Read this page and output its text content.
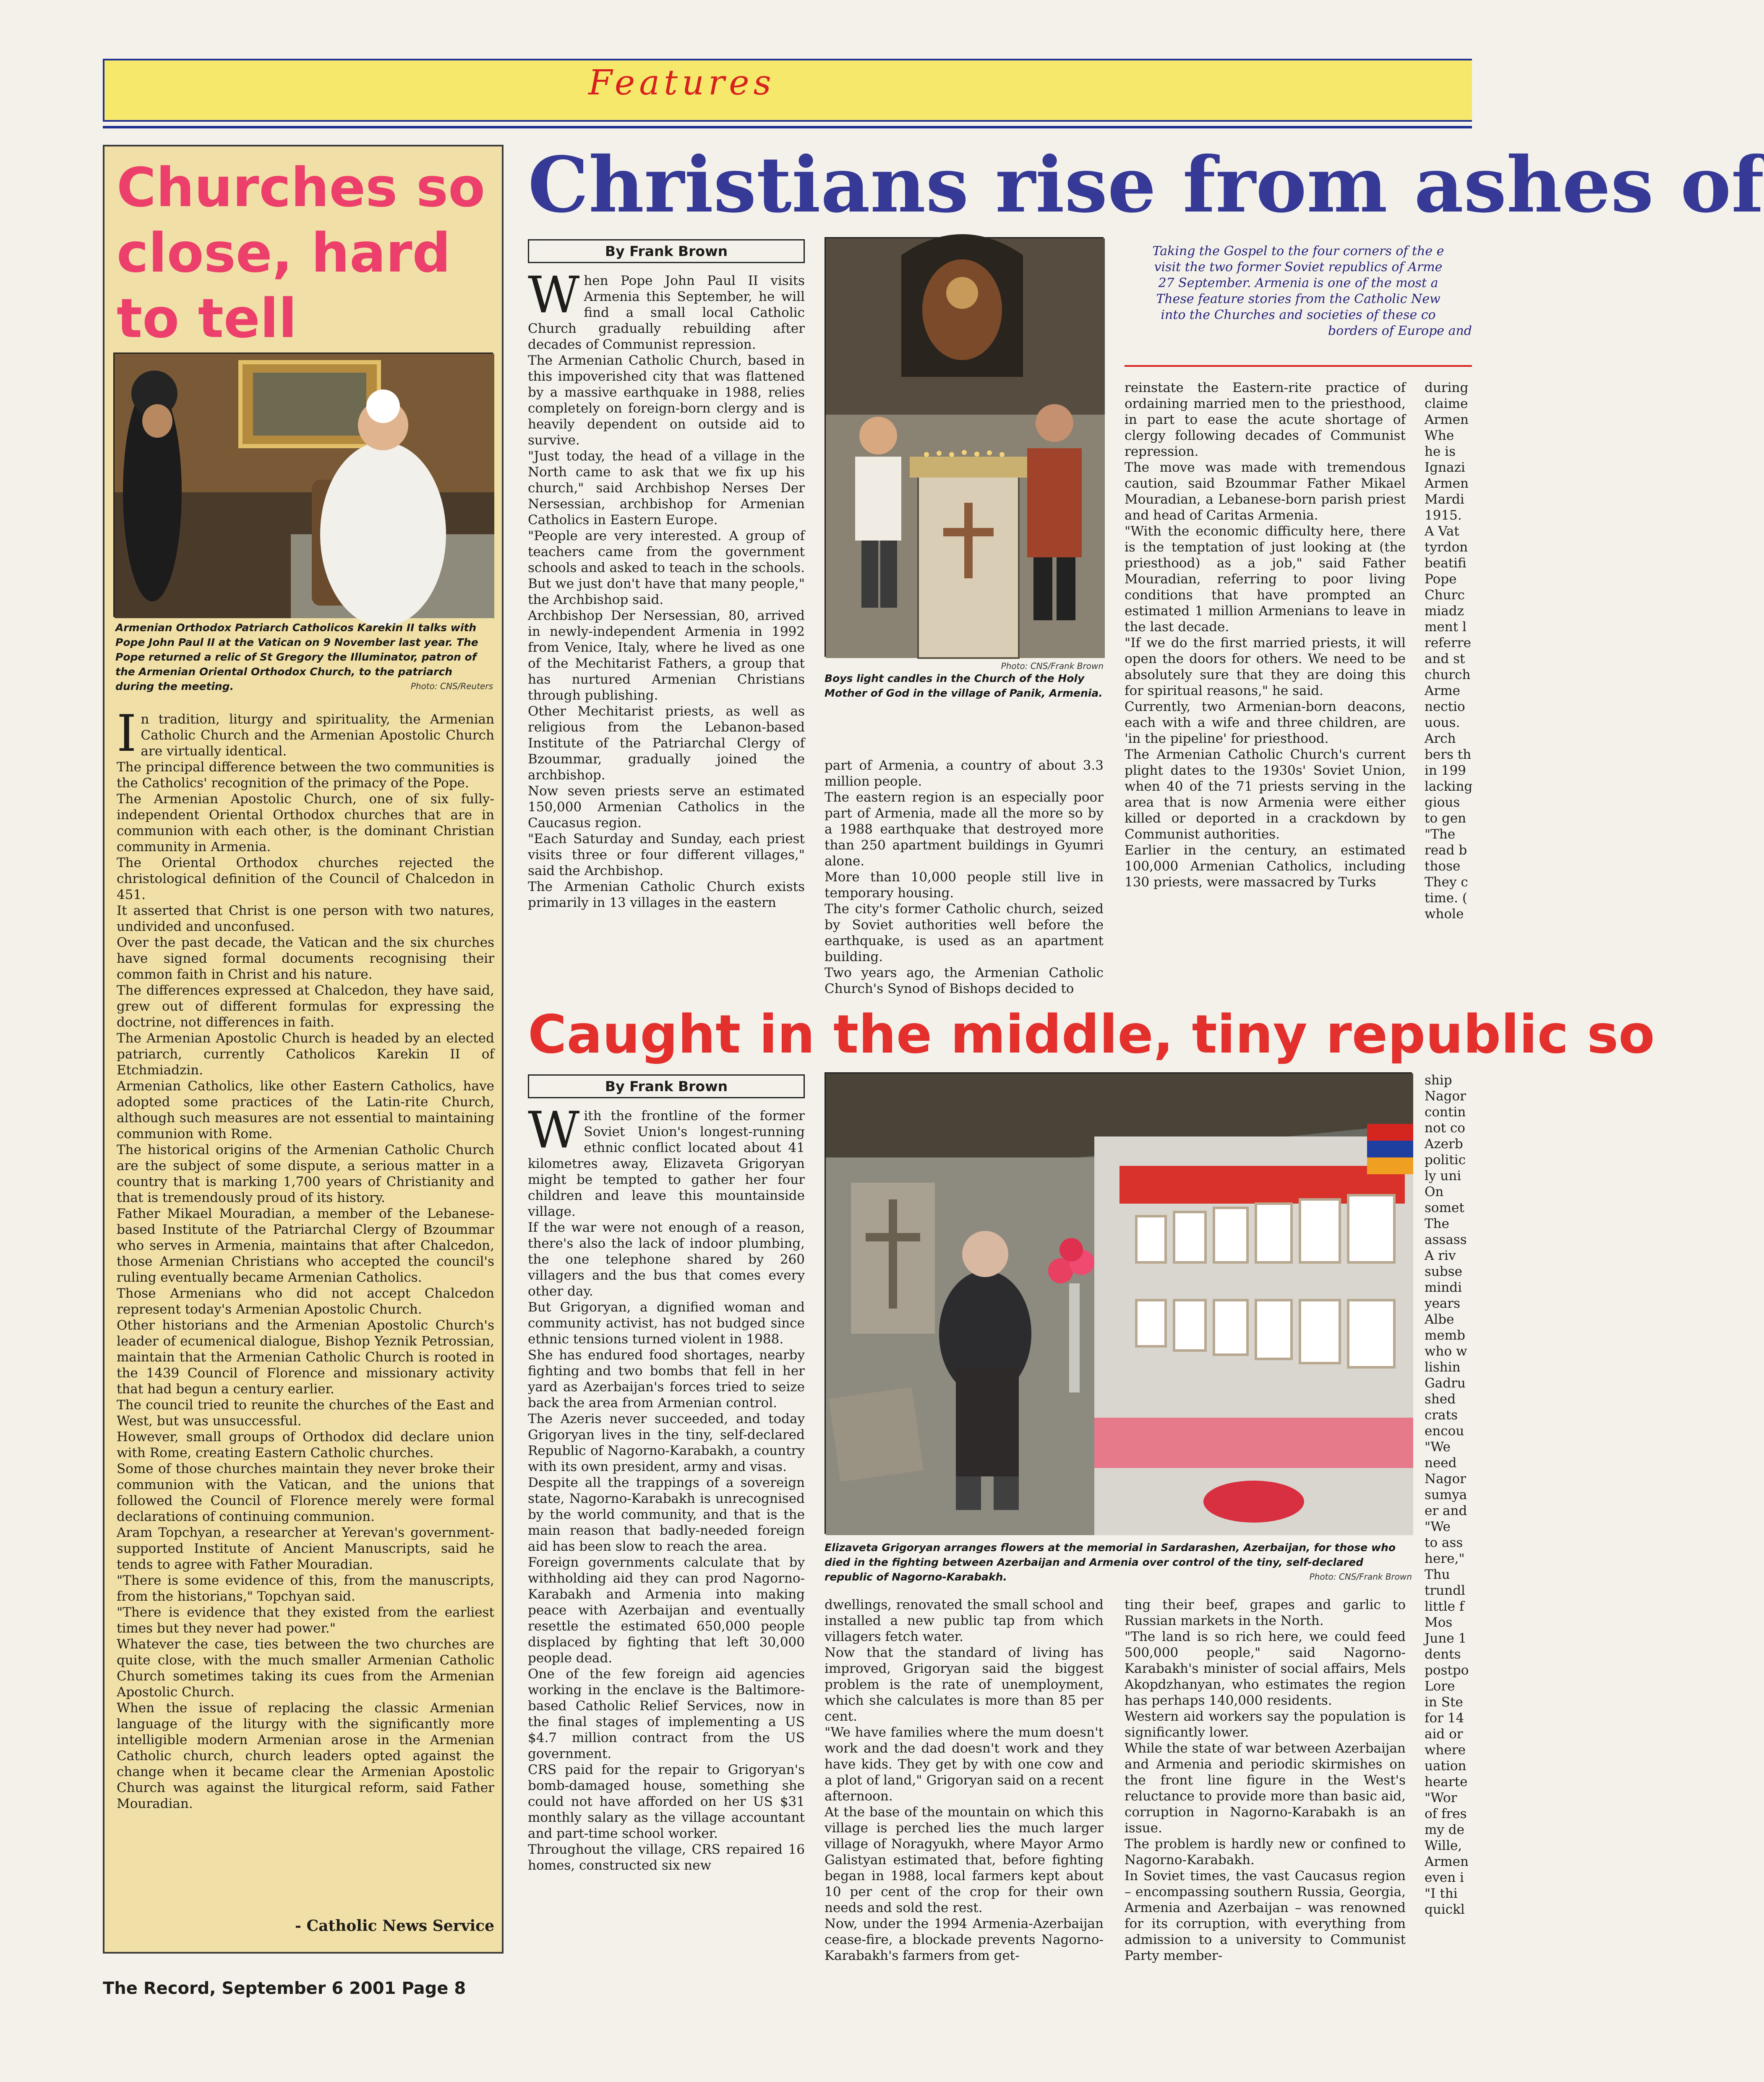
Features
Churches so close, hard to tell

Armenian Orthodox Patriarch Catholicos Karekin II talks with Pope John Paul II at the Vatican on 9 November last year. The Pope returned a relic of St Gregory the Illuminator, patron of the Armenian Oriental Orthodox Church, to the patriarch during the meeting.	Photo: CNS/Reuters

I n tradition, liturgy and spirituality, the Armenian Catholic Church and the Armenian Apostolic Church are virtually identical.

The principal difference between the two communities is the Catholics' recognition of the primacy of the Pope.

The Armenian Apostolic Church, one of six fully-independent Oriental Orthodox churches that are in communion with each other, is the dominant Christian community in Armenia.

The Oriental Orthodox churches rejected the christological definition of the Council of Chalcedon in 451.

It asserted that Christ is one person with two natures, undivided and unconfused.

Over the past decade, the Vatican and the six churches have signed formal documents recognising their common faith in Christ and his nature.

The differences expressed at Chalcedon, they have said, grew out of different formulas for expressing the doctrine, not differences in faith.

The Armenian Apostolic Church is headed by an elected patriarch, currently Catholicos Karekin II of Etchmiadzin.

Armenian Catholics, like other Eastern Catholics, have adopted some practices of the Latin-rite Church, although such measures are not essential to maintaining communion with Rome.

The historical origins of the Armenian Catholic Church are the subject of some dispute, a serious matter in a country that is marking 1,700 years of Christianity and that is tremendously proud of its history.

Father Mikael Mouradian, a member of the Lebanese-based Institute of the Patriarchal Clergy of Bzoummar who serves in Armenia, maintains that after Chalcedon, those Armenian Christians who accepted the council's ruling eventually became Armenian Catholics.

Those Armenians who did not accept Chalcedon represent today's Armenian Apostolic Church.

Other historians and the Armenian Apostolic Church's leader of ecumenical dialogue, Bishop Yeznik Petrossian, maintain that the Armenian Catholic Church is rooted in the 1439 Council of Florence and missionary activity that had begun a century earlier.

The council tried to reunite the churches of the East and West, but was unsuccessful.

However, small groups of Orthodox did declare union with Rome, creating Eastern Catholic churches.

Some of those churches maintain they never broke their communion with the Vatican, and the unions that followed the Council of Florence merely were formal declarations of continuing communion.

Aram Topchyan, a researcher at Yerevan's government-supported Institute of Ancient Manuscripts, said he tends to agree with Father Mouradian.

"There is some evidence of this, from the manuscripts, from the historians," Topchyan said.

"There is evidence that they existed from the earliest times but they never had power."

Whatever the case, ties between the two churches are quite close, with the much smaller Armenian Catholic Church sometimes taking its cues from the Armenian Apostolic Church.

When the issue of replacing the classic Armenian language of the liturgy with the significantly more intelligible modern Armenian arose in the Armenian Catholic church, church leaders opted against the change when it became clear the Armenian Apostolic Church was against the liturgical reform, said Father Mouradian.

- Catholic News Service
Christians rise from ashes of
By Frank Brown
W hen Pope John Paul II visits Armenia this September, he will find a small local Catholic Church gradually rebuilding after decades of Communist repression.

The Armenian Catholic Church, based in this impoverished city that was flattened by a massive earthquake in 1988, relies completely on foreign-born clergy and is heavily dependent on outside aid to survive.

"Just today, the head of a village in the North came to ask that we fix up his church," said Archbishop Nerses Der Nersessian, archbishop for Armenian Catholics in Eastern Europe.

"People are very interested. A group of teachers came from the government schools and asked to teach in the schools. But we just don't have that many people," the Archbishop said.

Archbishop Der Nersessian, 80, arrived in newly-independent Armenia in 1992 from Venice, Italy, where he lived as one of the Mechitarist Fathers, a group that has nurtured Armenian Christians through publishing.

Other Mechitarist priests, as well as religious from the Lebanon-based Institute of the Patriarchal Clergy of Bzoummar, gradually joined the archbishop.

Now seven priests serve an estimated 150,000 Armenian Catholics in the Caucasus region.

"Each Saturday and Sunday, each priest visits three or four different villages," said the Archbishop.

The Armenian Catholic Church exists primarily in 13 villages in the eastern

Photo: CNS/Frank Brown

Boys light candles in the Church of the Holy Mother of God in the village of Panik, Armenia.

part of Armenia, a country of about 3.3 million people.

The eastern region is an especially poor part of Armenia, made all the more so by a 1988 earthquake that destroyed more than 250 apartment buildings in Gyumri alone.

More than 10,000 people still live in temporary housing.

The city's former Catholic church, seized by Soviet authorities well before the earthquake, is used as an apartment building.

Two years ago, the Armenian Catholic Church's Synod of Bishops decided to

Taking the Gospel to the four corners of the e
visit the two former Soviet republics of Arme
27 September. Armenia is one of the most a
These feature stories from the Catholic New
into the Churches and societies of these co
borders of Europe and

reinstate the Eastern-rite practice of ordaining married men to the priesthood, in part to ease the acute shortage of clergy following decades of Communist repression.

The move was made with tremendous caution, said Bzoummar Father Mikael Mouradian, a Lebanese-born parish priest and head of Caritas Armenia.

"With the economic difficulty here, there is the temptation of just looking at (the priesthood) as a job," said Father Mouradian, referring to poor living conditions that have prompted an estimated 1 million Armenians to leave in the last decade.

"If we do the first married priests, it will open the doors for others. We need to be absolutely sure that they are doing this for spiritual reasons," he said.

Currently, two Armenian-born deacons, each with a wife and three children, are 'in the pipeline' for priesthood.

The Armenian Catholic Church's current plight dates to the 1930s' Soviet Union, when 40 of the 71 priests serving in the area that is now Armenia were either killed or deported in a crackdown by Communist authorities.

Earlier in the century, an estimated 100,000 Armenian Catholics, including 130 priests, were massacred by Turks

during
claime
Armen
Whe
he is
Ignazi
Armen
Mardi
1915.
A Vat
tyrdon
beatifi
Pope
Churc
miadz
ment l
referre
and st
church
Arme
nectio
uous.
Arch
bers th
in 199
lacking
gious
to gen
"The
read b
those
They c
time. (
whole
Caught in the middle, tiny republic so
By Frank Brown
W ith the frontline of the former Soviet Union's longest-running ethnic conflict located about 41 kilometres away, Elizaveta Grigoryan might be tempted to gather her four children and leave this mountainside village.

If the war were not enough of a reason, there's also the lack of indoor plumbing, the one telephone shared by 260 villagers and the bus that comes every other day.

But Grigoryan, a dignified woman and community activist, has not budged since ethnic tensions turned violent in 1988.

She has endured food shortages, nearby fighting and two bombs that fell in her yard as Azerbaijan's forces tried to seize back the area from Armenian control.

The Azeris never succeeded, and today Grigoryan lives in the tiny, self-declared Republic of Nagorno-Karabakh, a country with its own president, army and visas.

Despite all the trappings of a sovereign state, Nagorno-Karabakh is unrecognised by the world community, and that is the main reason that badly-needed foreign aid has been slow to reach the area.

Foreign governments calculate that by withholding aid they can prod Nagorno-Karabakh and Armenia into making peace with Azerbaijan and eventually resettle the estimated 650,000 people displaced by fighting that left 30,000 people dead.

One of the few foreign aid agencies working in the enclave is the Baltimore-based Catholic Relief Services, now in the final stages of implementing a US $4.7 million contract from the US government.

CRS paid for the repair to Grigoryan's bomb-damaged house, something she could not have afforded on her US $31 monthly salary as the village accountant and part-time school worker.

Throughout the village, CRS repaired 16 homes, constructed six new

Elizaveta Grigoryan arranges flowers at the memorial in Sardarashen, Azerbaijan, for those who died in the fighting between Azerbaijan and Armenia over control of the tiny, self-declared republic of Nagorno-Karabakh.	Photo: CNS/Frank Brown

dwellings, renovated the small school and installed a new public tap from which villagers fetch water.

Now that the standard of living has improved, Grigoryan said the biggest problem is the rate of unemployment, which she calculates is more than 85 per cent.

"We have families where the mum doesn't work and the dad doesn't work and they have kids. They get by with one cow and a plot of land," Grigoryan said on a recent afternoon.

At the base of the mountain on which this village is perched lies the much larger village of Noragyukh, where Mayor Armo Galistyan estimated that, before fighting began in 1988, local farmers kept about 10 per cent of the crop for their own needs and sold the rest.

Now, under the 1994 Armenia-Azerbaijan cease-fire, a blockade prevents Nagorno-Karabakh's farmers from get-

ting their beef, grapes and garlic to Russian markets in the North.

"The land is so rich here, we could feed 500,000 people," said Nagorno-Karabakh's minister of social affairs, Mels Akopdzhanyan, who estimates the region has perhaps 140,000 residents.

Western aid workers say the population is significantly lower.

While the state of war between Azerbaijan and Armenia and periodic skirmishes on the front line figure in the West's reluctance to provide more than basic aid, corruption in Nagorno-Karabakh is an issue.

The problem is hardly new or confined to Nagorno-Karabakh.

In Soviet times, the vast Caucasus region – encompassing southern Russia, Georgia, Armenia and Azerbaijan – was renowned for its corruption, with everything from admission to a university to Communist Party member-

ship
Nagor
contin
not co
Azerb
politic
ly uni
On
somet
The
assass
A riv
subse
mindi
years
Albe
memb
who w
lishin
Gadru
shed
crats
encou
"We
need
Nagor
sumya
er and
"We
to ass
here,"
Thu
trundl
little f
Mos
June 1
dents
postpo
Lore
in Ste
for 14
aid or
where
uation
hearte
"Wor
of fres
my de
Wille,
Armen
even i
"I thi
quickl
The Record, September 6 2001 Page 8
